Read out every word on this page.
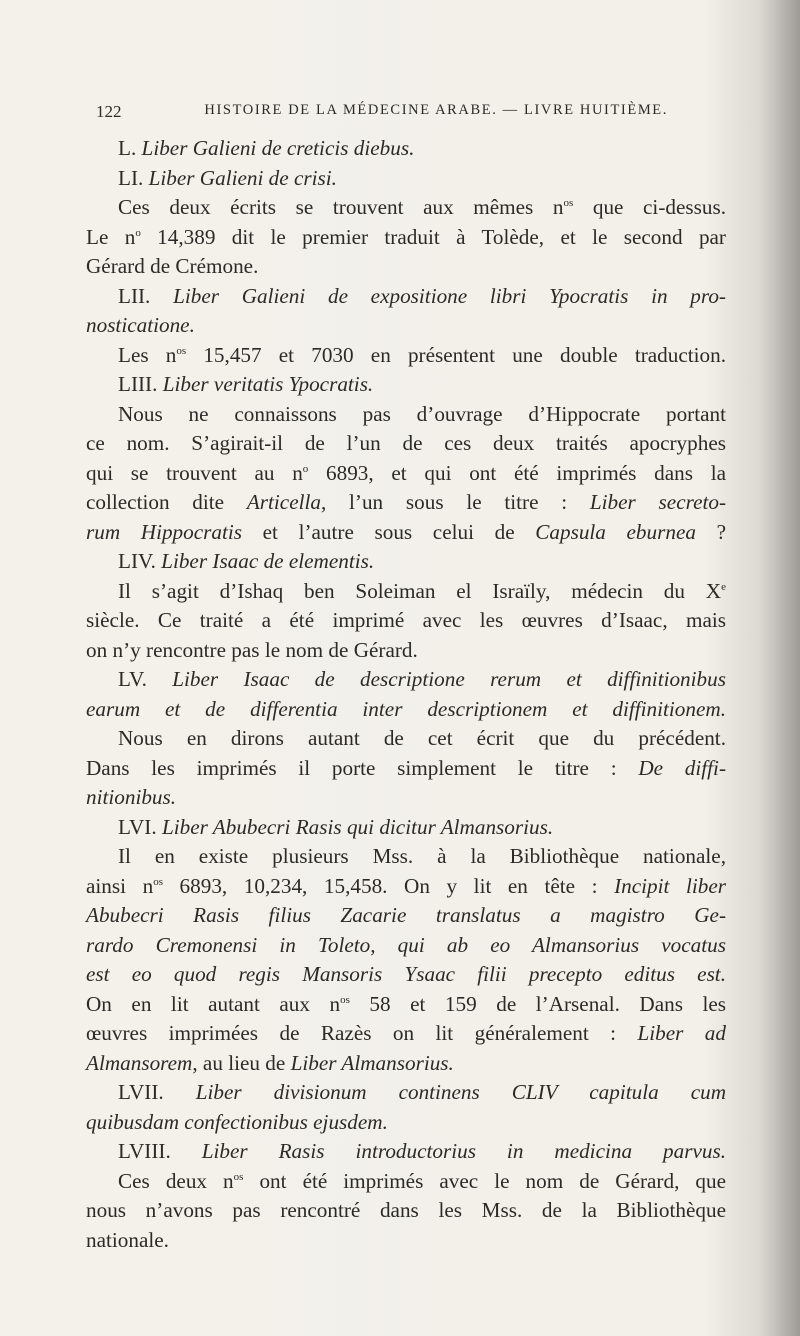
122	HISTOIRE DE LA MÉDECINE ARABE. — LIVRE HUITIÈME.
L. Liber Galieni de creticis diebus.
LI. Liber Galieni de crisi.
Ces deux écrits se trouvent aux mêmes $n^{os}$ que ci-dessus.
Le $n^o$ 14,389 dit le premier traduit à Tolède, et le second par
Gérard de Crémone.
LII. Liber Galieni de expositione libri Ypocratis in pro-
nosticatione.
Les $n^{os}$ 15,457 et 7030 en présentent une double traduction.
LIII. Liber veritatis Ypocratis.
Nous ne connaissons pas d’ouvrage d’Hippocrate portant
ce nom. S’agirait-il de l’un de ces deux traités apocryphes
qui se trouvent au $n^o$ 6893, et qui ont été imprimés dans la
collection dite Articella, l’un sous le titre : Liber secreto-
rum Hippocratis et l’autre sous celui de Capsula eburnea ?
LIV. Liber Isaac de elementis.
Il s’agit d’Ishaq ben Soleiman el Israïly, médecin du Xe
siècle. Ce traité a été imprimé avec les œuvres d’Isaac, mais
on n’y rencontre pas le nom de Gérard.
LV. Liber Isaac de descriptione rerum et diffinitionibus
earum et de differentia inter descriptionem et diffinitionem.
Nous en dirons autant de cet écrit que du précédent.
Dans les imprimés il porte simplement le titre : De diffi-
nitionibus.
LVI. Liber Abubecri Rasis qui dicitur Almansorius.
Il en existe plusieurs Mss. à la Bibliothèque nationale,
ainsi $n^{os}$ 6893, 10,234, 15,458. On y lit en tête : Incipit liber
Abubecri Rasis filius Zacarie translatus a magistro Ge-
rardo Cremonensi in Toleto, qui ab eo Almansorius vocatus
est eo quod regis Mansoris Ysaac filii precepto editus est.
On en lit autant aux $n^{os}$ 58 et 159 de l’Arsenal. Dans les
œuvres imprimées de Razès on lit généralement : Liber ad
Almansorem, au lieu de Liber Almansorius.
LVII. Liber divisionum continens CLIV capitula cum
quibusdam confectionibus ejusdem.
LVIII. Liber Rasis introductorius in medicina parvus.
Ces deux $n^{os}$ ont été imprimés avec le nom de Gérard, que
nous n’avons pas rencontré dans les Mss. de la Bibliothèque
nationale.
